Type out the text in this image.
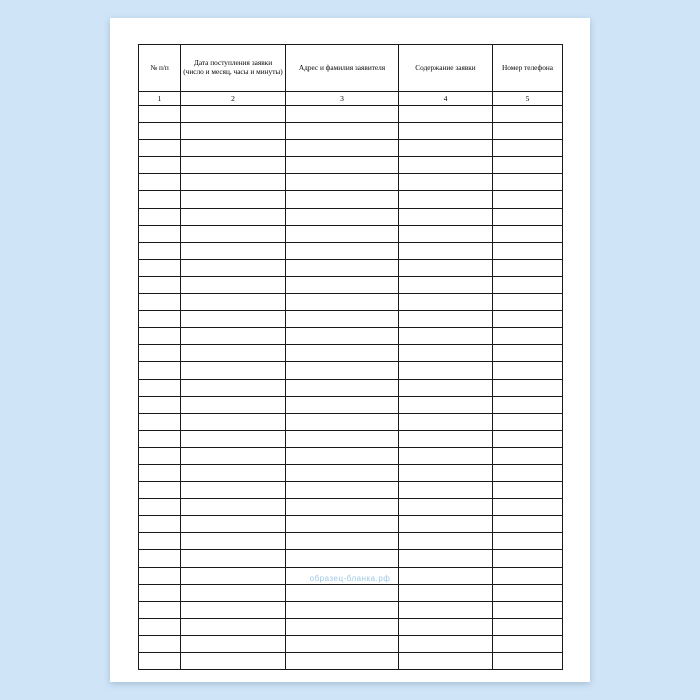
№ п/п	Дата поступления заявки (число и месяц, часы и минуты)	Адрес и фамилия заявителя	Содержание заявки	Номер телефона
1	2	3	4	5

образец-бланка.рф
